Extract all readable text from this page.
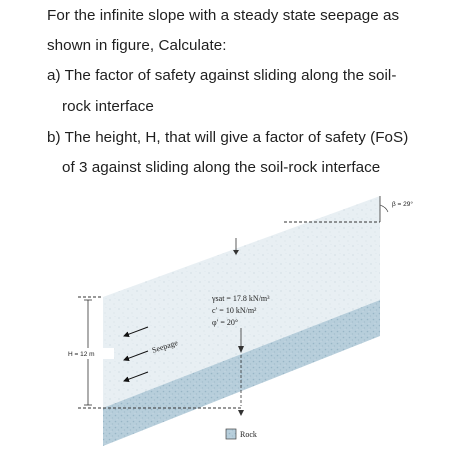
For the infinite slope with a steady state seepage as
shown in figure, Calculate:
a) The factor of safety against sliding along the soil-
rock interface
b) The height, H, that will give a factor of safety (FoS)
of 3 against sliding along the soil-rock interface
β = 29°
H = 12 m	Seepage
γsat = 17.8 kN/m³
c′ = 10 kN/m²
φ′ = 20°
Rock
